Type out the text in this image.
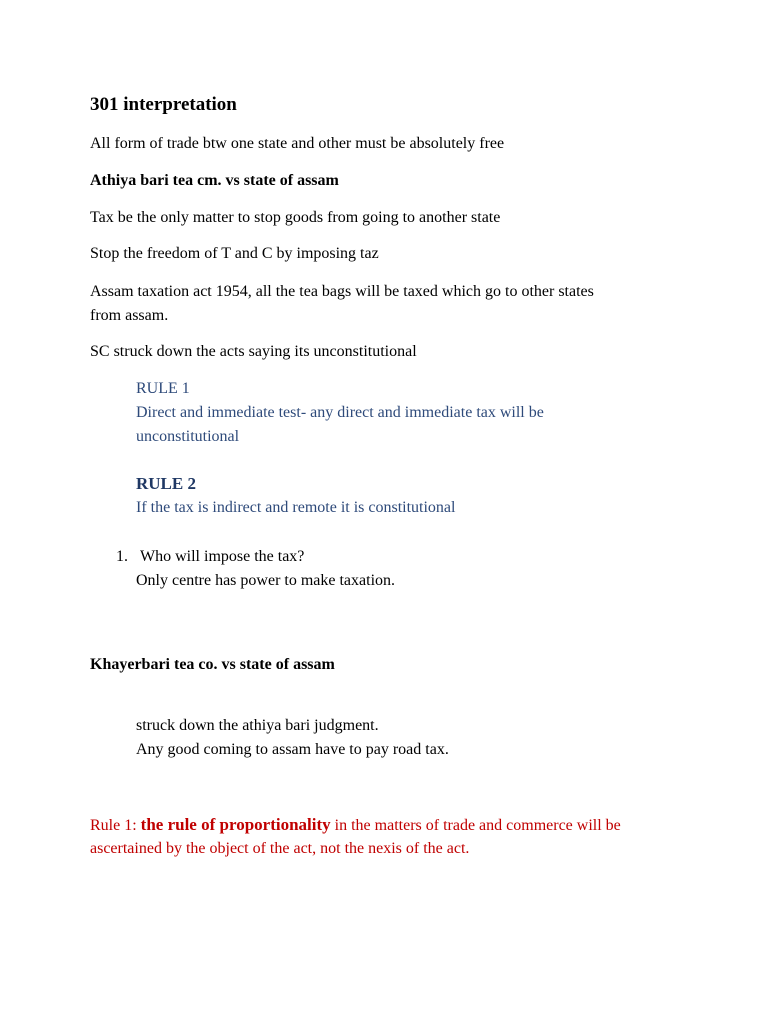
301 interpretation

All form of trade btw one state and other must be absolutely free

Athiya bari tea cm. vs state of assam

Tax be the only matter to stop goods from going to another state

Stop the freedom of T and C by imposing taz

Assam taxation act 1954, all the tea bags will be taxed which go to other states

from assam.

SC struck down the acts saying its unconstitutional

RULE 1

Direct and immediate test- any direct and immediate tax will be

unconstitutional

RULE 2

If the tax is indirect and remote it is constitutional

1. Who will impose the tax?

Only centre has power to make taxation.

Khayerbari tea co. vs state of assam

struck down the athiya bari judgment.

Any good coming to assam have to pay road tax.

Rule 1: the rule of proportionality in the matters of trade and commerce will be

ascertained by the object of the act, not the nexis of the act.
